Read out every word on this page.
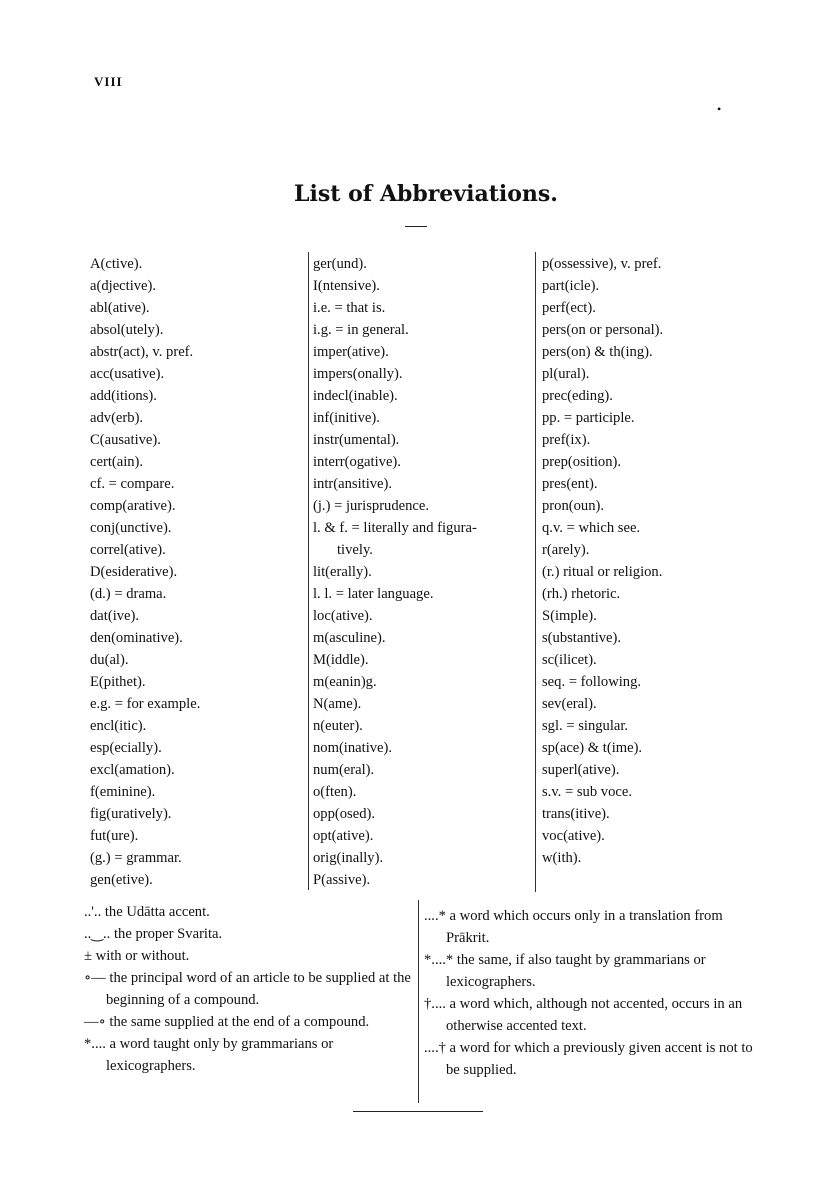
VIII
•
List of Abbreviations.
A(ctive).
a(djective).
abl(ative).
absol(utely).
abstr(act), v. pref.
acc(usative).
add(itions).
adv(erb).
C(ausative).
cert(ain).
cf. = compare.
comp(arative).
conj(unctive).
correl(ative).
D(esiderative).
(d.) = drama.
dat(ive).
den(ominative).
du(al).
E(pithet).
e.g. = for example.
encl(itic).
esp(ecially).
excl(amation).
f(eminine).
fig(uratively).
fut(ure).
(g.) = grammar.
gen(etive).
ger(und).
I(ntensive).
i.e. = that is.
i.g. = in general.
imper(ative).
impers(onally).
indecl(inable).
inf(initive).
instr(umental).
interr(ogative).
intr(ansitive).
(j.) = jurisprudence.
l. & f. = literally and figura-
tively.
lit(erally).
l. l. = later language.
loc(ative).
m(asculine).
M(iddle).
m(eanin)g.
N(ame).
n(euter).
nom(inative).
num(eral).
o(ften).
opp(osed).
opt(ative).
orig(inally).
P(assive).
p(ossessive), v. pref.
part(icle).
perf(ect).
pers(on or personal).
pers(on) & th(ing).
pl(ural).
prec(eding).
pp. = participle.
pref(ix).
prep(osition).
pres(ent).
pron(oun).
q.v. = which see.
r(arely).
(r.) ritual or religion.
(rh.) rhetoric.
S(imple).
s(ubstantive).
sc(ilicet).
seq. = following.
sev(eral).
sgl. = singular.
sp(ace) & t(ime).
superl(ative).
s.v. = sub voce.
trans(itive).
voc(ative).
w(ith).
..'.. the Udātta accent.
..‿.. the proper Svarita.
± with or without.
∘— the principal word of an article to be supplied at the beginning of a compound.
—∘ the same supplied at the end of a compound.
*.... a word taught only by grammarians or lexicographers.
....* a word which occurs only in a translation from Prākrit.
*....* the same, if also taught by grammarians or lexicographers.
†.... a word which, although not accented, occurs in an otherwise accented text.
....† a word for which a previously given accent is not to be supplied.
